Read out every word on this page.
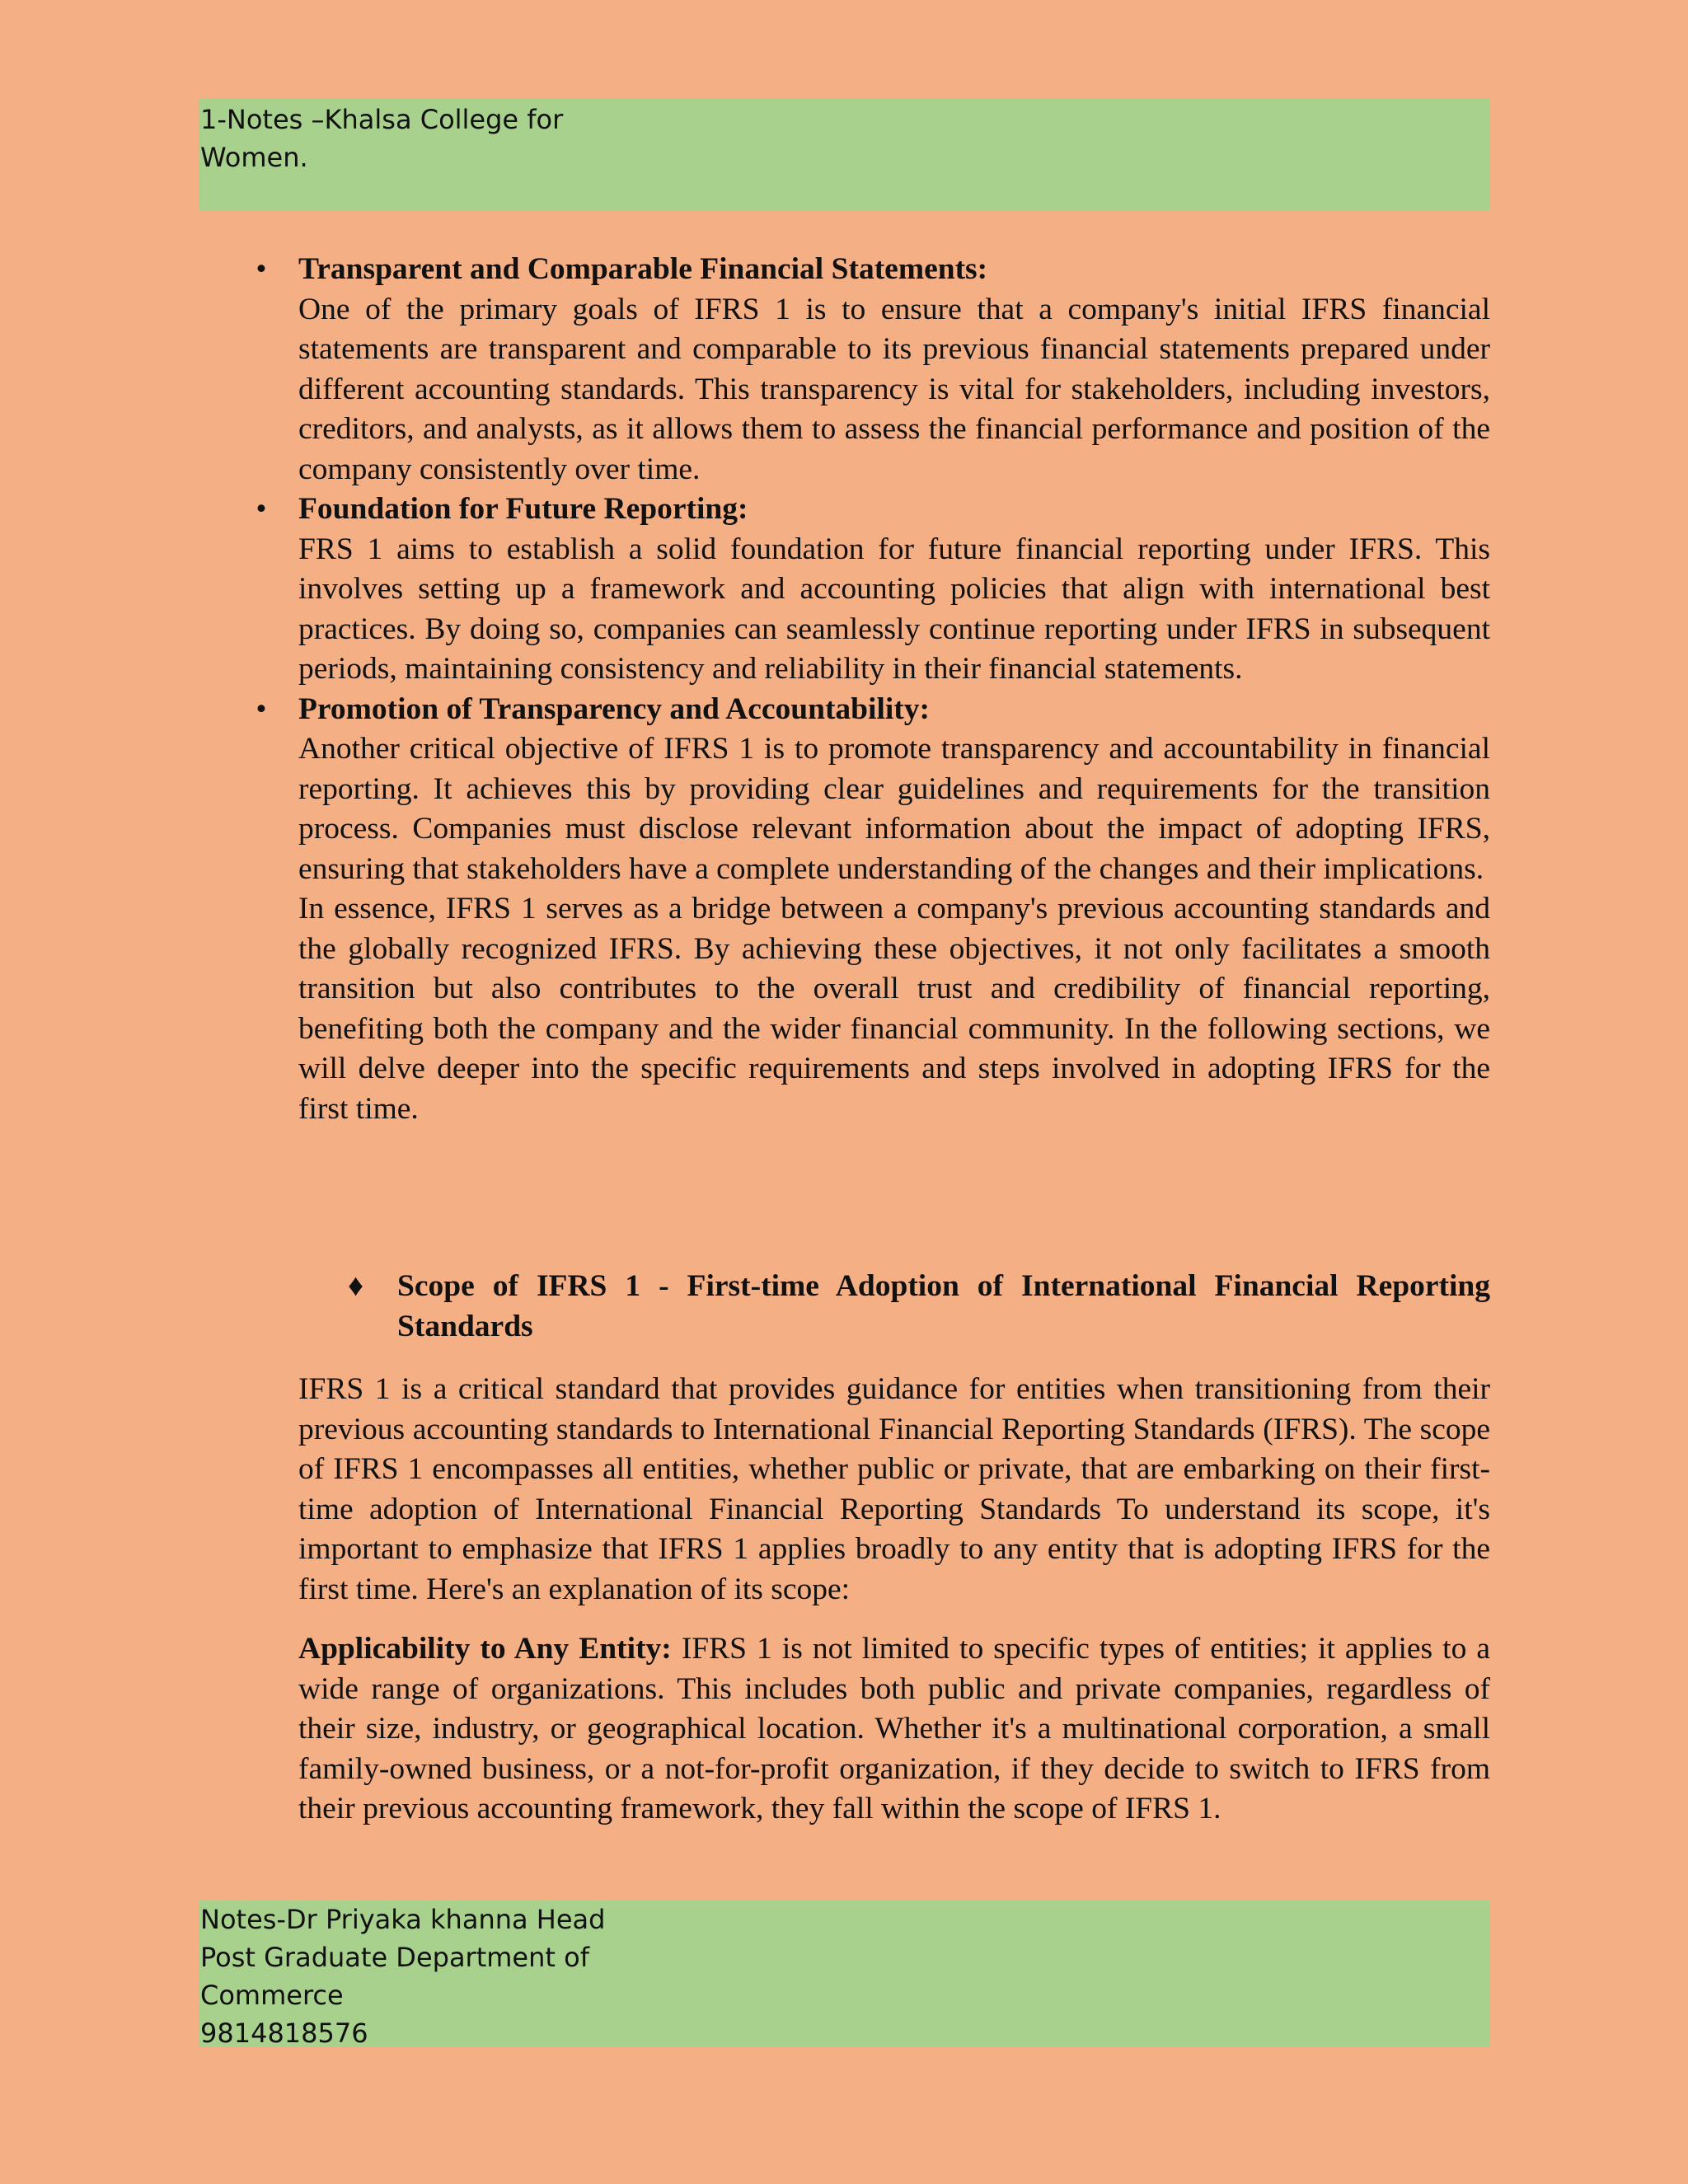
1-Notes –Khalsa College for
Women.
• Transparent and Comparable Financial Statements:
One of the primary goals of IFRS 1 is to ensure that a company's initial IFRS financial statements are transparent and comparable to its previous financial statements prepared under different accounting standards. This transparency is vital for stakeholders, including investors, creditors, and analysts, as it allows them to assess the financial performance and position of the company consistently over time.
• Foundation for Future Reporting:
FRS 1 aims to establish a solid foundation for future financial reporting under IFRS. This involves setting up a framework and accounting policies that align with international best practices. By doing so, companies can seamlessly continue reporting under IFRS in subsequent periods, maintaining consistency and reliability in their financial statements.
• Promotion of Transparency and Accountability:
Another critical objective of IFRS 1 is to promote transparency and accountability in financial reporting. It achieves this by providing clear guidelines and requirements for the transition process. Companies must disclose relevant information about the impact of adopting IFRS, ensuring that stakeholders have a complete understanding of the changes and their implications.
In essence, IFRS 1 serves as a bridge between a company's previous accounting standards and the globally recognized IFRS. By achieving these objectives, it not only facilitates a smooth transition but also contributes to the overall trust and credibility of financial reporting, benefiting both the company and the wider financial community. In the following sections, we will delve deeper into the specific requirements and steps involved in adopting IFRS for the first time.
♦ Scope of IFRS 1 - First-time Adoption of International Financial Reporting Standards
IFRS 1 is a critical standard that provides guidance for entities when transitioning from their previous accounting standards to International Financial Reporting Standards (IFRS). The scope of IFRS 1 encompasses all entities, whether public or private, that are embarking on their first-time adoption of International Financial Reporting Standards To understand its scope, it's important to emphasize that IFRS 1 applies broadly to any entity that is adopting IFRS for the first time. Here's an explanation of its scope:
Applicability to Any Entity: IFRS 1 is not limited to specific types of entities; it applies to a wide range of organizations. This includes both public and private companies, regardless of their size, industry, or geographical location. Whether it's a multinational corporation, a small family-owned business, or a not-for-profit organization, if they decide to switch to IFRS from their previous accounting framework, they fall within the scope of IFRS 1.
Notes-Dr Priyaka khanna Head
Post Graduate Department of
Commerce
9814818576
